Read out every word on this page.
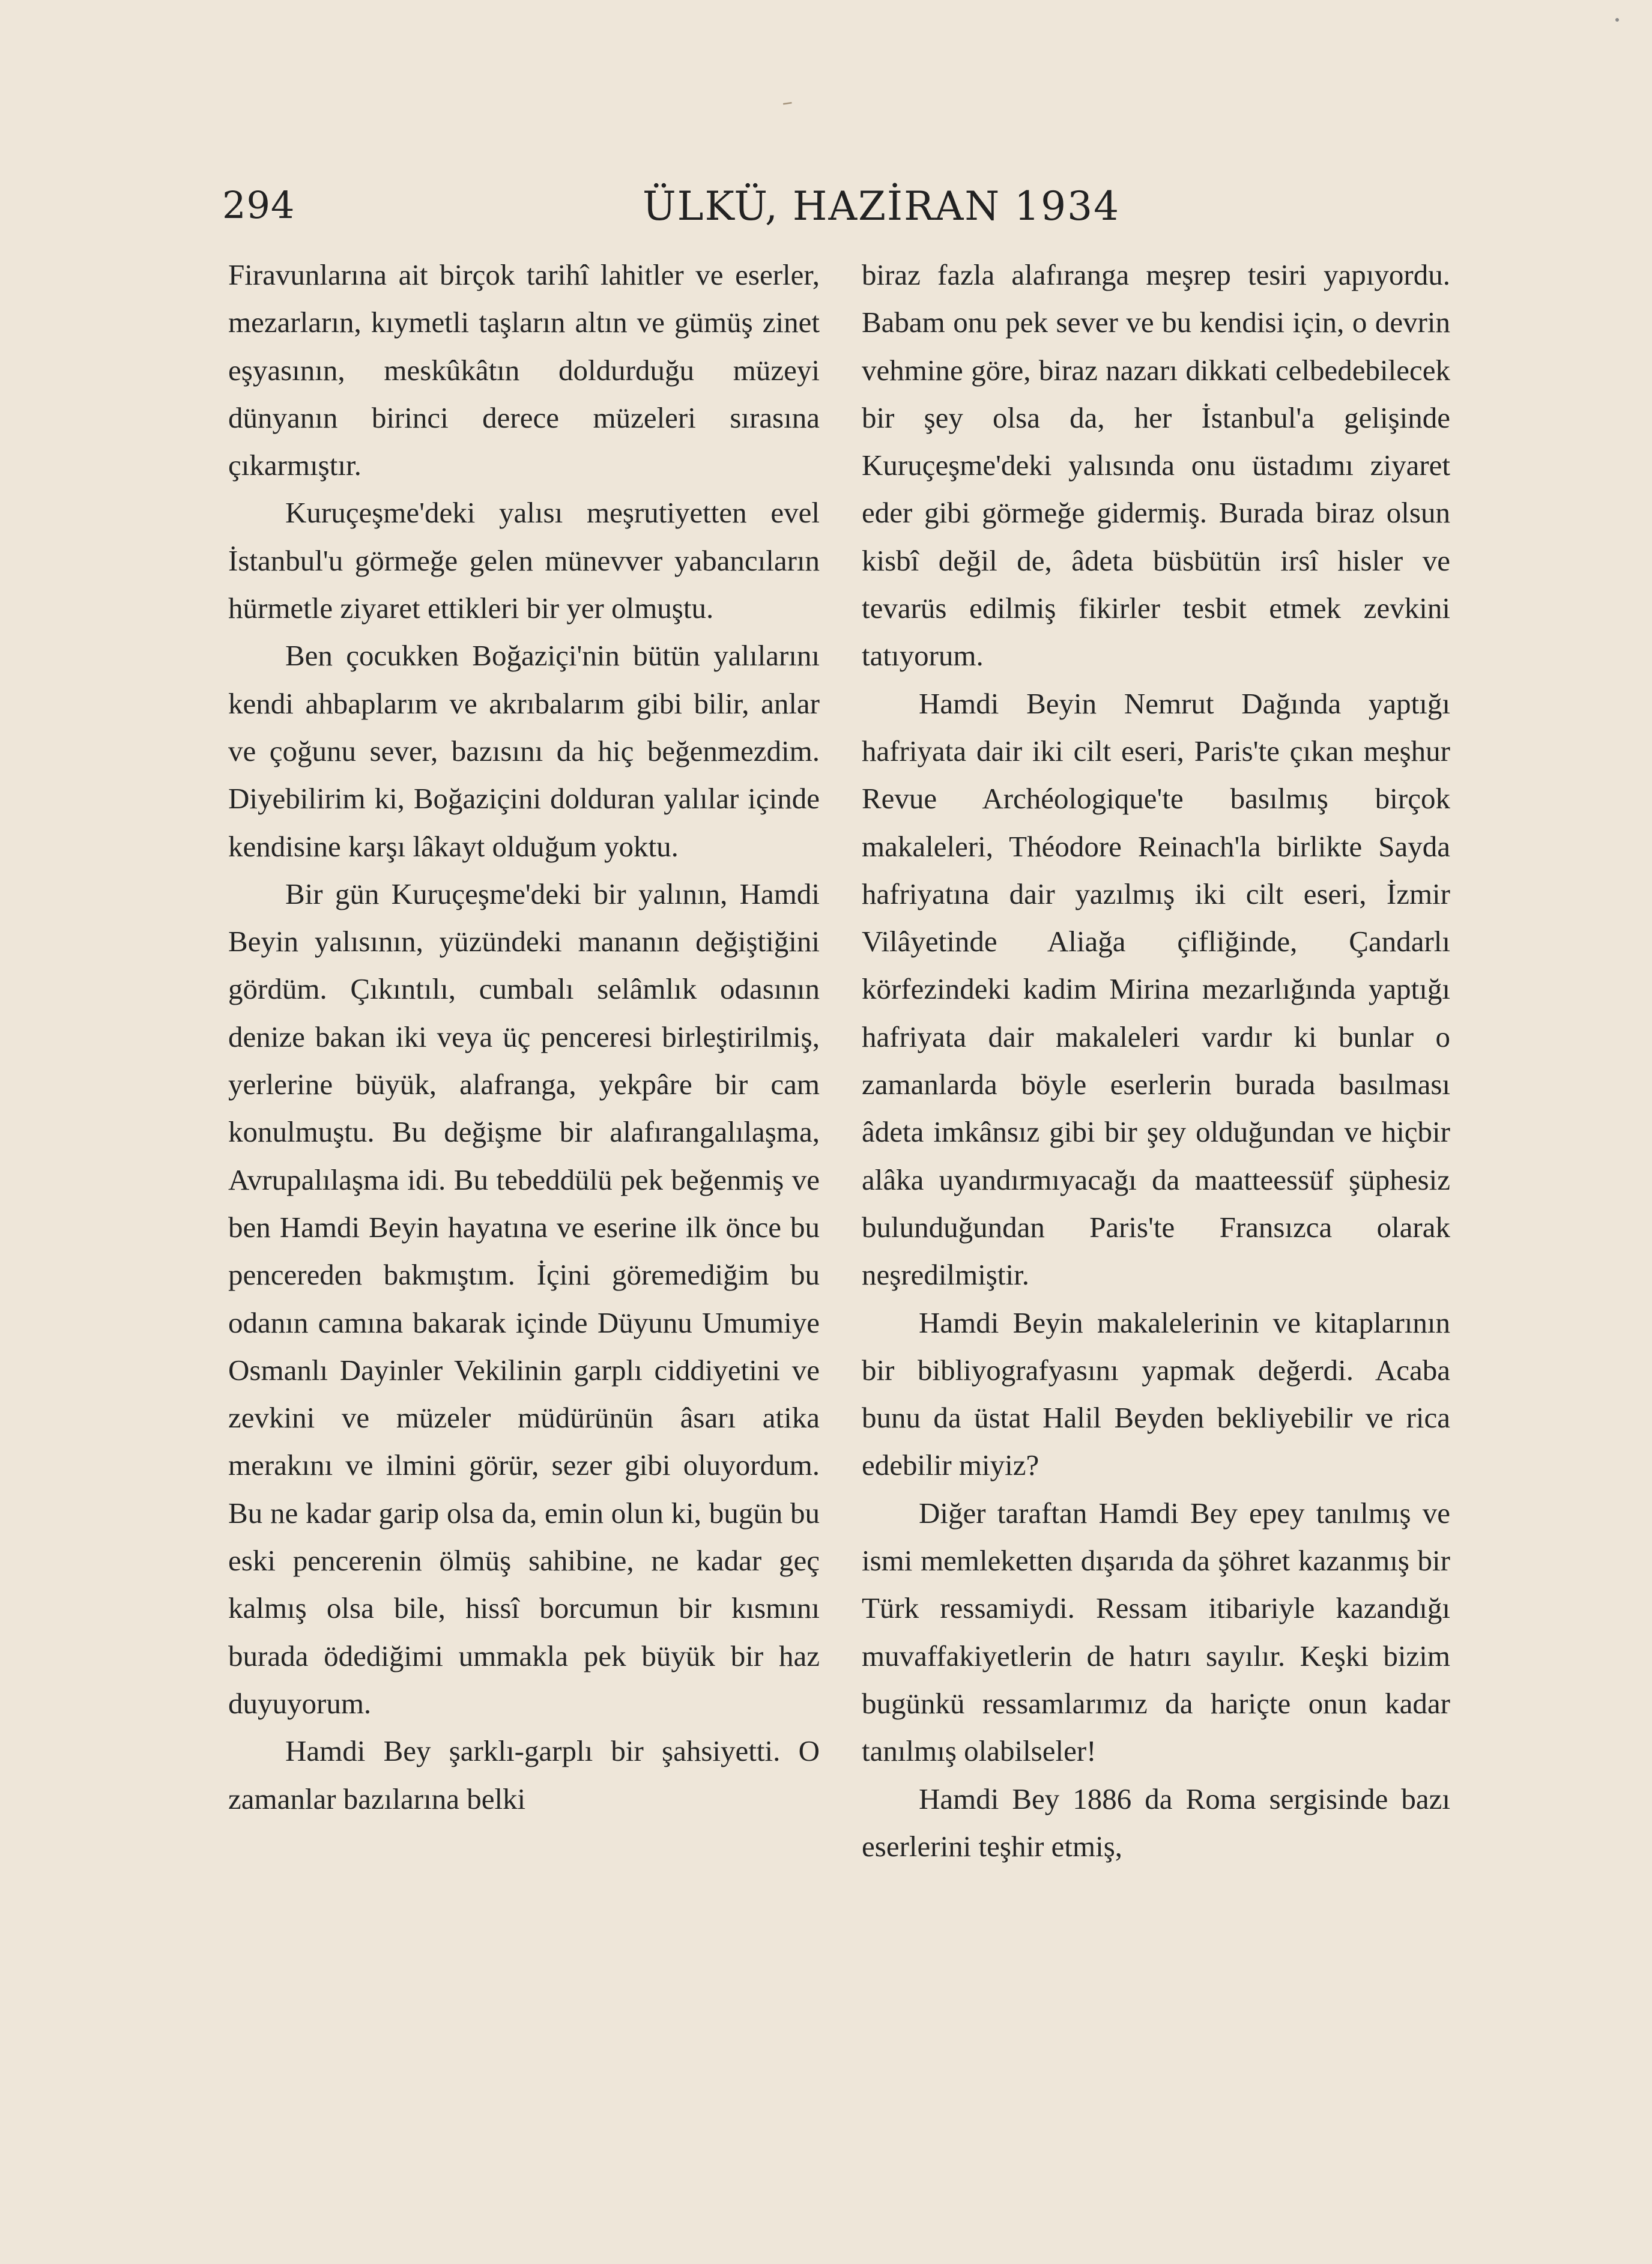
–
294	ÜLKÜ, HAZİRAN 1934

Firavunlarına ait birçok tarihî lahitler ve eserler, mezarların, kıymetli taşların altın ve gümüş zinet eşyasının, meskûkâtın doldurduğu müzeyi dünyanın birinci derece müzeleri sırasına çıkarmıştır.

Kuruçeşme'deki yalısı meşrutiyetten evel İstanbul'u görmeğe gelen münevver yabancıların hürmetle ziyaret ettikleri bir yer olmuştu.

Ben çocukken Boğaziçi'nin bütün yalılarını kendi ahbaplarım ve akrıbalarım gibi bilir, anlar ve çoğunu sever, bazısını da hiç beğenmezdim. Diyebilirim ki, Boğaziçini dolduran yalılar içinde kendisine karşı lâkayt olduğum yoktu.

Bir gün Kuruçeşme'deki bir yalının, Hamdi Beyin yalısının, yüzündeki mananın değiştiğini gördüm. Çıkıntılı, cumbalı selâmlık odasının denize bakan iki veya üç penceresi birleştirilmiş, yerlerine büyük, alafranga, yekpâre bir cam konulmuştu. Bu değişme bir alafırangalılaşma, Avrupalılaşma idi. Bu tebeddülü pek beğenmiş ve ben Hamdi Beyin hayatına ve eserine ilk önce bu pencereden bakmıştım. İçini göremediğim bu odanın camına bakarak içinde Düyunu Umumiye Osmanlı Dayinler Vekilinin garplı ciddiyetini ve zevkini ve müzeler müdürünün âsarı atika merakını ve ilmini görür, sezer gibi oluyordum. Bu ne kadar garip olsa da, emin olun ki, bugün bu eski pencerenin ölmüş sahibine, ne kadar geç kalmış olsa bile, hissî borcumun bir kısmını burada ödediğimi ummakla pek büyük bir haz duyuyorum.

Hamdi Bey şarklı-garplı bir şahsiyetti. O zamanlar bazılarına belki

biraz fazla alafıranga meşrep tesiri yapıyordu. Babam onu pek sever ve bu kendisi için, o devrin vehmine göre, biraz nazarı dikkati celbedebilecek bir şey olsa da, her İstanbul'a gelişinde Kuruçeşme'deki yalısında onu üstadımı ziyaret eder gibi görmeğe gidermiş. Burada biraz olsun kisbî değil de, âdeta büsbütün irsî hisler ve tevarüs edilmiş fikirler tesbit etmek zevkini tatıyorum.

Hamdi Beyin Nemrut Dağında yaptığı hafriyata dair iki cilt eseri, Paris'te çıkan meşhur Revue Archéologique'te basılmış birçok makaleleri, Théodore Reinach'la birlikte Sayda hafriyatına dair yazılmış iki cilt eseri, İzmir Vilâyetinde Aliağa çifliğinde, Çandarlı körfezindeki kadim Mirina mezarlığında yaptığı hafriyata dair makaleleri vardır ki bunlar o zamanlarda böyle eserlerin burada basılması âdeta imkânsız gibi bir şey olduğundan ve hiçbir alâka uyandırmıyacağı da maatteessüf şüphesiz bulunduğundan Paris'te Fransızca olarak neşredilmiştir.

Hamdi Beyin makalelerinin ve kitaplarının bir bibliyografyasını yapmak değerdi. Acaba bunu da üstat Halil Beyden bekliyebilir ve rica edebilir miyiz?

Diğer taraftan Hamdi Bey epey tanılmış ve ismi memleketten dışarıda da şöhret kazanmış bir Türk ressamiydi. Ressam itibariyle kazandığı muvaffakiyetlerin de hatırı sayılır. Keşki bizim bugünkü ressamlarımız da hariçte onun kadar tanılmış olabilseler!

Hamdi Bey 1886 da Roma sergisinde bazı eserlerini teşhir etmiş,
